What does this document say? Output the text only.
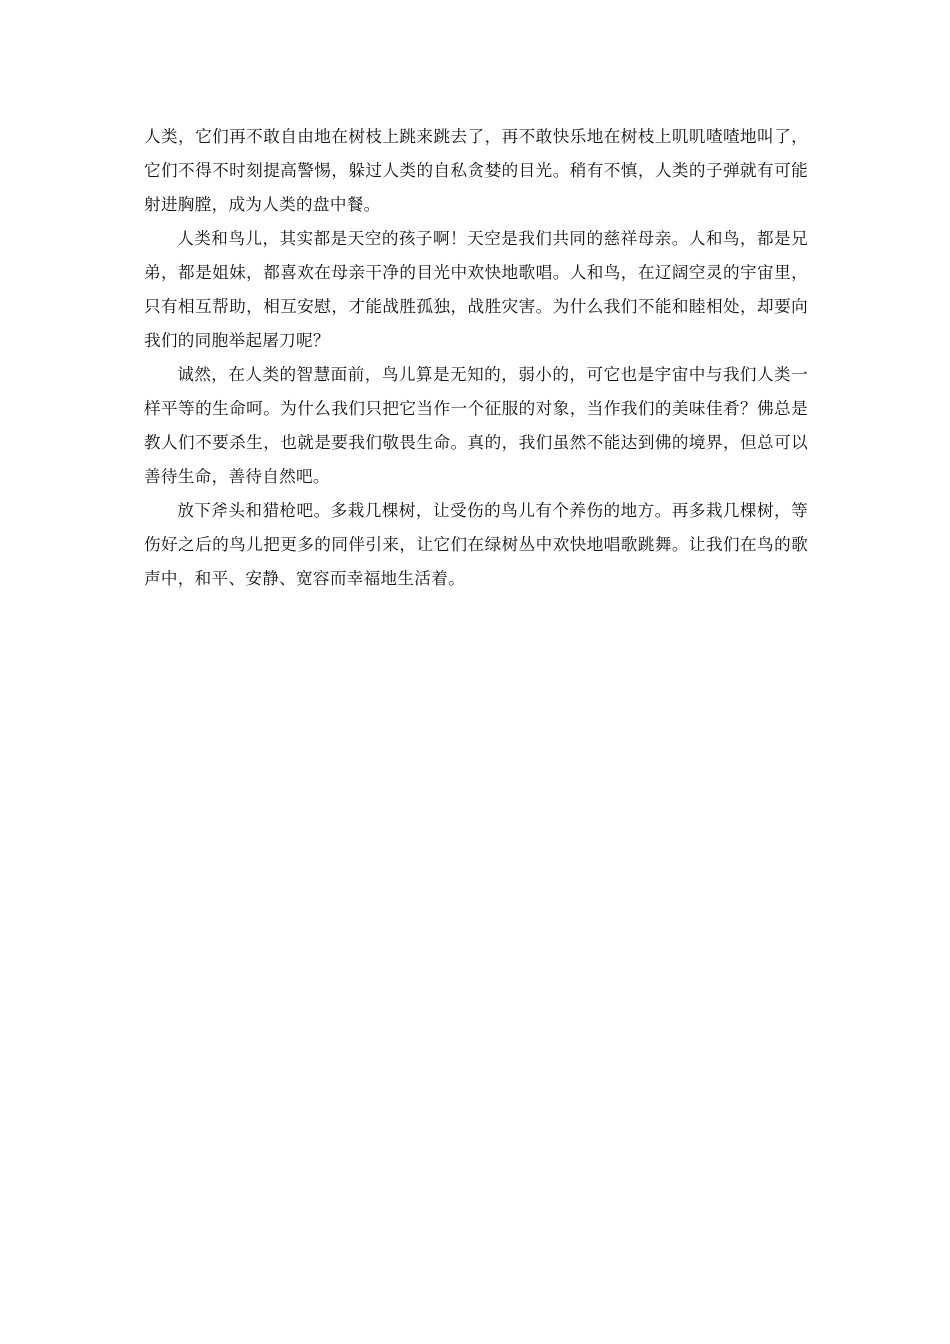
人类，它们再不敢自由地在树枝上跳来跳去了，再不敢快乐地在树枝上叽叽喳喳地叫了，它们不得不时刻提高警惕，躲过人类的自私贪婪的目光。稍有不慎，人类的子弹就有可能射进胸膛，成为人类的盘中餐。

人类和鸟儿，其实都是天空的孩子啊！天空是我们共同的慈祥母亲。人和鸟，都是兄弟，都是姐妹，都喜欢在母亲干净的目光中欢快地歌唱。人和鸟，在辽阔空灵的宇宙里，只有相互帮助，相互安慰，才能战胜孤独，战胜灾害。为什么我们不能和睦相处，却要向我们的同胞举起屠刀呢？

诚然，在人类的智慧面前，鸟儿算是无知的，弱小的，可它也是宇宙中与我们人类一样平等的生命呵。为什么我们只把它当作一个征服的对象，当作我们的美味佳肴？佛总是教人们不要杀生，也就是要我们敬畏生命。真的，我们虽然不能达到佛的境界，但总可以善待生命，善待自然吧。

放下斧头和猎枪吧。多栽几棵树，让受伤的鸟儿有个养伤的地方。再多栽几棵树，等伤好之后的鸟儿把更多的同伴引来，让它们在绿树丛中欢快地唱歌跳舞。让我们在鸟的歌声中，和平、安静、宽容而幸福地生活着。
